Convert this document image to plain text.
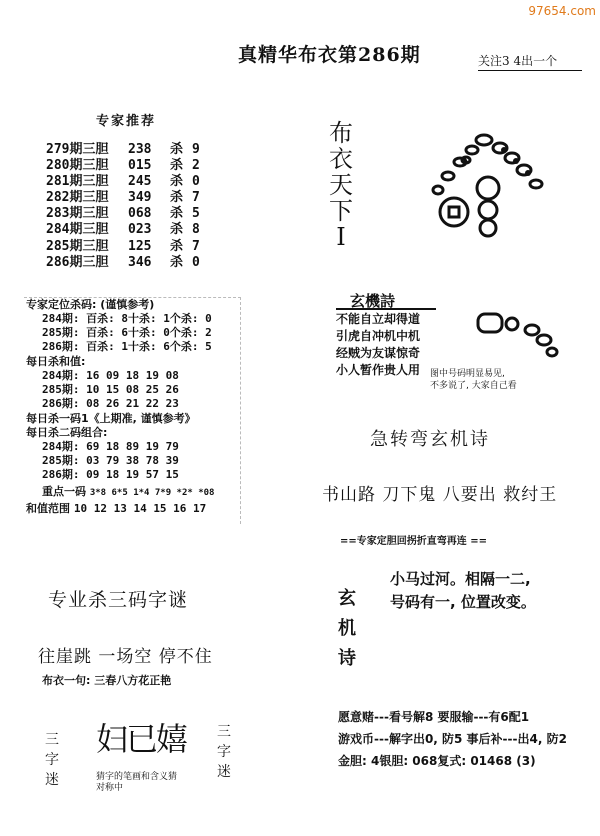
97654.com
真精华布衣第286期	关注3 4出一个
专家推荐
279期三胆 238 杀 9
280期三胆 015 杀 2
281期三胆 245 杀 0
282期三胆 349 杀 7
283期三胆 068 杀 5
284期三胆 023 杀 8
285期三胆 125 杀 7
286期三胆 346 杀 0
专家定位杀码: (谨慎参考)
284期: 百杀: 8十杀: 1个杀: 0
285期: 百杀: 6十杀: 0个杀: 2
286期: 百杀: 1十杀: 6个杀: 5
每日杀和值:
284期: 16 09 18 19 08
285期: 10 15 08 25 26
286期: 08 26 21 22 23
每日杀一码1《上期准, 谨慎参考》
每日杀二码组合:
284期: 69 18 89 19 79
285期: 03 79 38 78 39
286期: 09 18 19 57 15
重点一码 3*8 6*5 1*4 7*9 *2* *08
和值范围 10 12 13 14 15 16 17
布
衣
天
下
I
玄機詩
不能自立却得道
引虎自冲机中机
经贼为友谋惊奇
小人暂作贵人用 图中号码明显易见,
不多说了, 大家自己看
急转弯玄机诗
书山路 刀下鬼 八要出 救纣王
==专家定胆回拐折直弯再连 ==
玄
机
诗
小马过河。相隔一二,
号码有一, 位置改变。
愿意赌---看号解8 要服输---有6配1
游戏币---解字出0, 防5 事后补---出4, 防2
金胆: 4银胆: 068复式: 01468 (3)
专业杀三码字谜
往崖跳 一场空 停不住
布衣一句: 三春八方花正艳
三
字
迷
妇已嬉 三
字
迷
猜字的笔画和含义猜
对称中
